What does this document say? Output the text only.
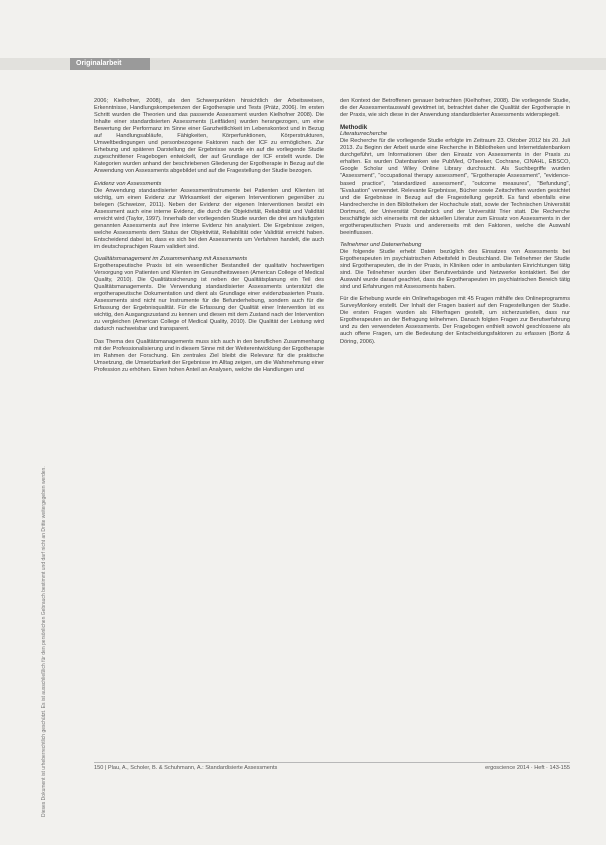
Originalarbeit
Dieses Dokument ist urheberrechtlich geschützt. Es ist ausschließlich für den persönlichen Gebrauch bestimmt und darf nicht an Dritte weitergegeben werden.

2006; Kielhofner, 2008), als den Schwerpunkten hinsichtlich der Arbeitsweisen, Erkenntnisse, Handlungskompetenzen der Ergotherapie und Tests (Prätz, 2006). Im ersten Schritt wurden die Theorien und das passende Assessment wurden Kielhofner 2008). Die Inhalte einer standardisierten Assessments (Leitfäden) wurden herangezogen, um eine Bewertung der Performanz im Sinne einer Ganzheitlichkeit im Lebenskontext und in Bezug auf Handlungsabläufe, Fähigkeiten, Körperfunktionen, Körperstrukturen, Umweltbedingungen und personbezogene Faktoren nach der ICF zu ermöglichen. Zur Erhebung und späteren Darstellung der Ergebnisse wurde ein auf die vorliegende Studie zugeschnittener Fragebogen entwickelt, der auf Grundlage der ICF erstellt wurde. Die Kategorien wurden anhand der beschriebenen Gliederung der Ergotherapie in Bezug auf die Anwendung von Assessments abgebildet und auf die Fragestellung der Studie bezogen.

Evidenz von Assessments

Die Anwendung standardisierter Assessmentinstrumente bei Patienten und Klienten ist wichtig, um einen Evidenz zur Wirksamkeit der eigenen Interventionen gegenüber zu belegen (Schweizer, 2011). Neben der Evidenz der eigenen Interventionen besitzt ein Assessment auch eine interne Evidenz, die durch die Objektivität, Reliabilität und Validität erreicht wird (Taylor, 1997). Innerhalb der vorliegenden Studie wurden die drei am häufigsten genannten Assessments auf ihre interne Evidenz hin analysiert. Die Ergebnisse zeigen, welche Assessments dem Status der Objektivität, Reliabilität oder Validität erreicht haben. Entscheidend dabei ist, dass es sich bei den Assessments um Verfahren handelt, die auch im deutschsprachigen Raum validiert sind.

Qualitätsmanagement im Zusammenhang mit Assessments

Ergotherapeutische Praxis ist ein wesentlicher Bestandteil der qualitativ hochwertigen Versorgung von Patienten und Klienten im Gesundheitswesen (American College of Medical Quality, 2010). Die Qualitätssicherung ist neben der Qualitätsplanung ein Teil des Qualitätsmanagements. Die Verwendung standardisierter Assessments unterstützt die ergotherapeutische Dokumentation und dient als Grundlage einer evidenzbasierten Praxis. Assessments sind nicht nur Instrumente für die Befunderhebung, sondern auch für die Erfassung der Ergebnisqualität. Für die Erfassung der Qualität einer Intervention ist es wichtig, den Ausgangszustand zu kennen und diesen mit dem Zustand nach der Intervention zu vergleichen (American College of Medical Quality, 2010). Die Qualität der Leistung wird dadurch nachweisbar und transparent.

Das Thema des Qualitätsmanagements muss sich auch in den beruflichen Zusammenhang mit der Professionalisierung und in diesem Sinne mit der Weiterentwicklung der Ergotherapie im Rahmen der Forschung. Ein zentrales Ziel bleibt die Relevanz für die praktische Umsetzung, die Umsetzbarkeit der Ergebnisse im Alltag zeigen, um die Wahrnehmung einer Profession zu erhöhen. Einen hohen Anteil an Analysen, welche die Handlungen und

den Kontext der Betroffenen genauer betrachten (Kielhofner, 2008). Die vorliegende Studie, die der Assessmentauswahl gewidmet ist, betrachtet daher die Qualität der Ergotherapie in der Praxis, wie sich diese in der Anwendung standardisierter Assessments widerspiegelt.

Methodik
Literaturrecherche

Die Recherche für die vorliegende Studie erfolgte im Zeitraum 23. Oktober 2012 bis 20. Juli 2013. Zu Beginn der Arbeit wurde eine Recherche in Bibliotheken und Internetdatenbanken durchgeführt, um Informationen über den Einsatz von Assessments in der Praxis zu erhalten. Es wurden Datenbanken wie PubMed, OTseeker, Cochrane, CINAHL, EBSCO, Google Scholar und Wiley Online Library durchsucht. Als Suchbegriffe wurden "Assessment", "occupational therapy assessment", "Ergotherapie Assessment", "evidence-based practice", "standardized assessment", "outcome measures", "Befundung", "Evaluation" verwendet. Relevante Ergebnisse, Bücher sowie Zeitschriften wurden gesichtet und die Ergebnisse in Bezug auf die Fragestellung geprüft. Es fand ebenfalls eine Handrecherche in den Bibliotheken der Hochschule statt, sowie der Technischen Universität Dortmund, der Universität Osnabrück und der Universität Trier statt. Die Recherche beschäftigte sich einerseits mit der aktuellen Literatur zum Einsatz von Assessments in der ergotherapeutischen Praxis und andererseits mit den Faktoren, welche die Auswahl beeinflussen.

Teilnehmer und Datenerhebung

Die folgende Studie erhebt Daten bezüglich des Einsatzes von Assessments bei Ergotherapeuten im psychiatrischen Arbeitsfeld in Deutschland. Die Teilnehmer der Studie sind Ergotherapeuten, die in der Praxis, in Kliniken oder in ambulanten Einrichtungen tätig sind. Die Teilnehmer wurden über Berufsverbände und Netzwerke kontaktiert. Bei der Auswahl wurde darauf geachtet, dass die Ergotherapeuten im psychiatrischen Bereich tätig sind und Erfahrungen mit Assessments haben.

Für die Erhebung wurde ein Onlinefragebogen mit 45 Fragen mithilfe des Onlineprogramms SurveyMonkey erstellt. Der Inhalt der Fragen basiert auf den Fragestellungen der Studie. Die ersten Fragen wurden als Filterfragen gestellt, um sicherzustellen, dass nur Ergotherapeuten an der Befragung teilnehmen. Danach folgten Fragen zur Berufserfahrung und zu den verwendeten Assessments. Der Fragebogen enthielt sowohl geschlossene als auch offene Fragen, um die Bedeutung der Entscheidungsfaktoren zu erfassen (Bortz & Döring, 2006).

150 | Plau, A., Scholer, B. & Schuhmann, A.: Standardisierte Assessments	ergoscience 2014 · Heft · 143-155
